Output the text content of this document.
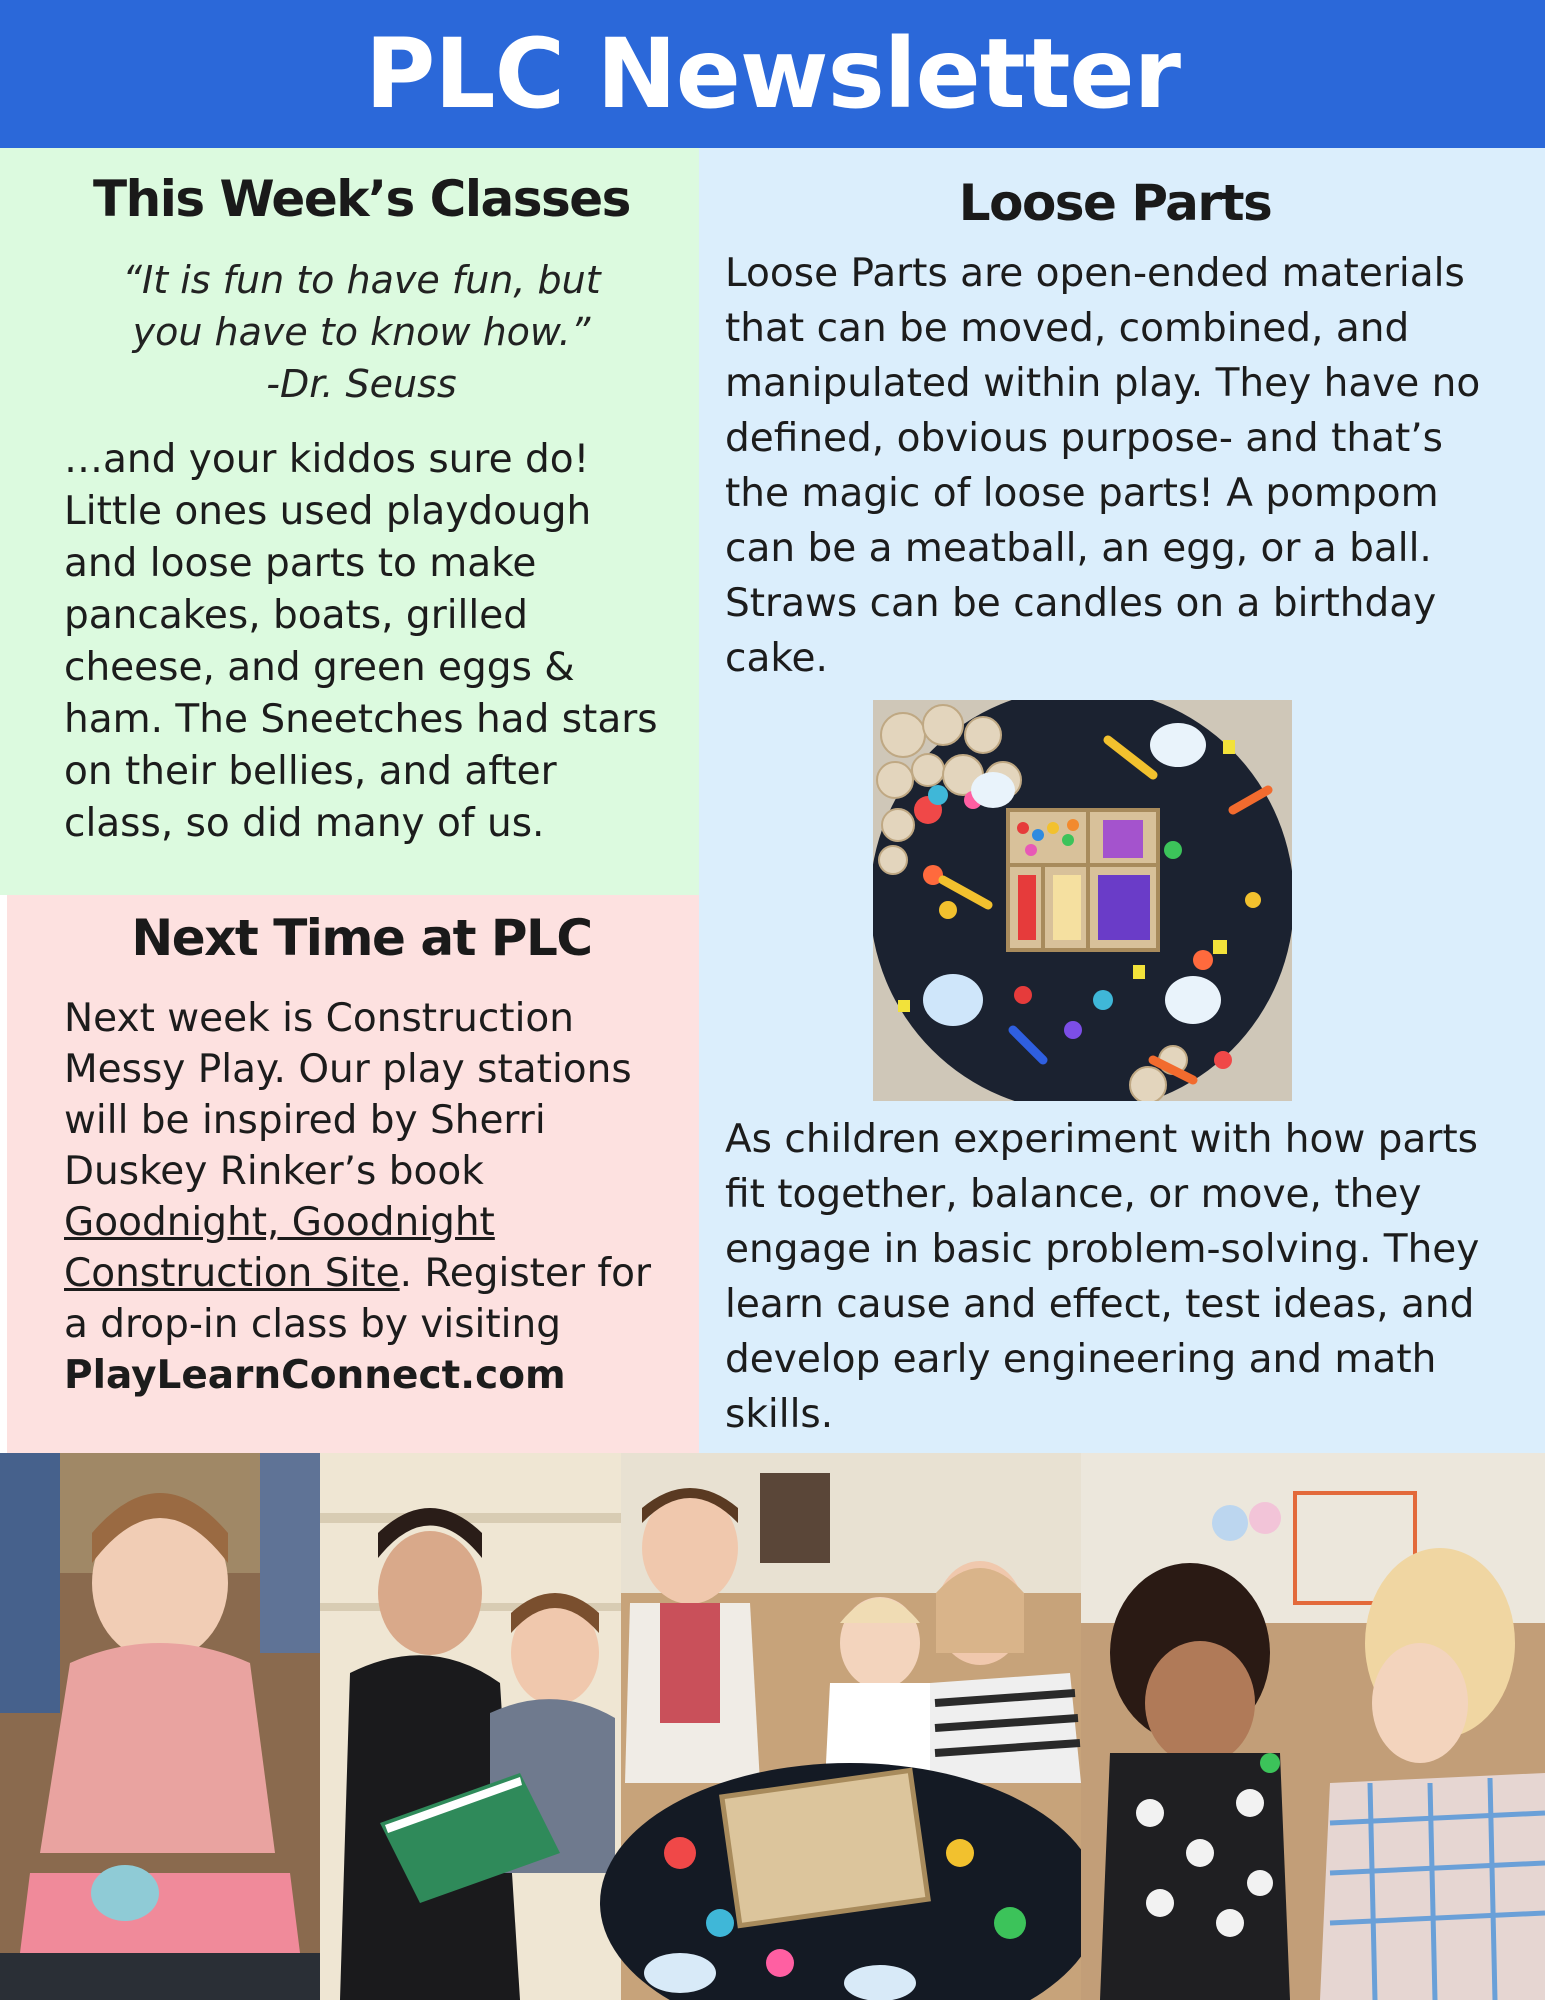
PLC Newsletter
This Week’s Classes
“It is fun to have fun, but
you have to know how.”
-Dr. Seuss

…and your kiddos sure do! Little ones used playdough and loose parts to make pancakes, boats, grilled cheese, and green eggs & ham. The Sneetches had stars on their bellies, and after class, so did many of us.

Next Time at PLC

Next week is Construction Messy Play. Our play stations will be inspired by Sherri Duskey Rinker’s book Goodnight, Goodnight Construction Site. Register for a drop-in class by visiting PlayLearnConnect.com

Loose Parts

Loose Parts are open-ended materials that can be moved, combined, and manipulated within play. They have no defined, obvious purpose- and that’s the magic of loose parts! A pompom can be a meatball, an egg, or a ball. Straws can be candles on a birthday cake.

As children experiment with how parts fit together, balance, or move, they engage in basic problem-solving. They learn cause and effect, test ideas, and develop early engineering and math skills.
